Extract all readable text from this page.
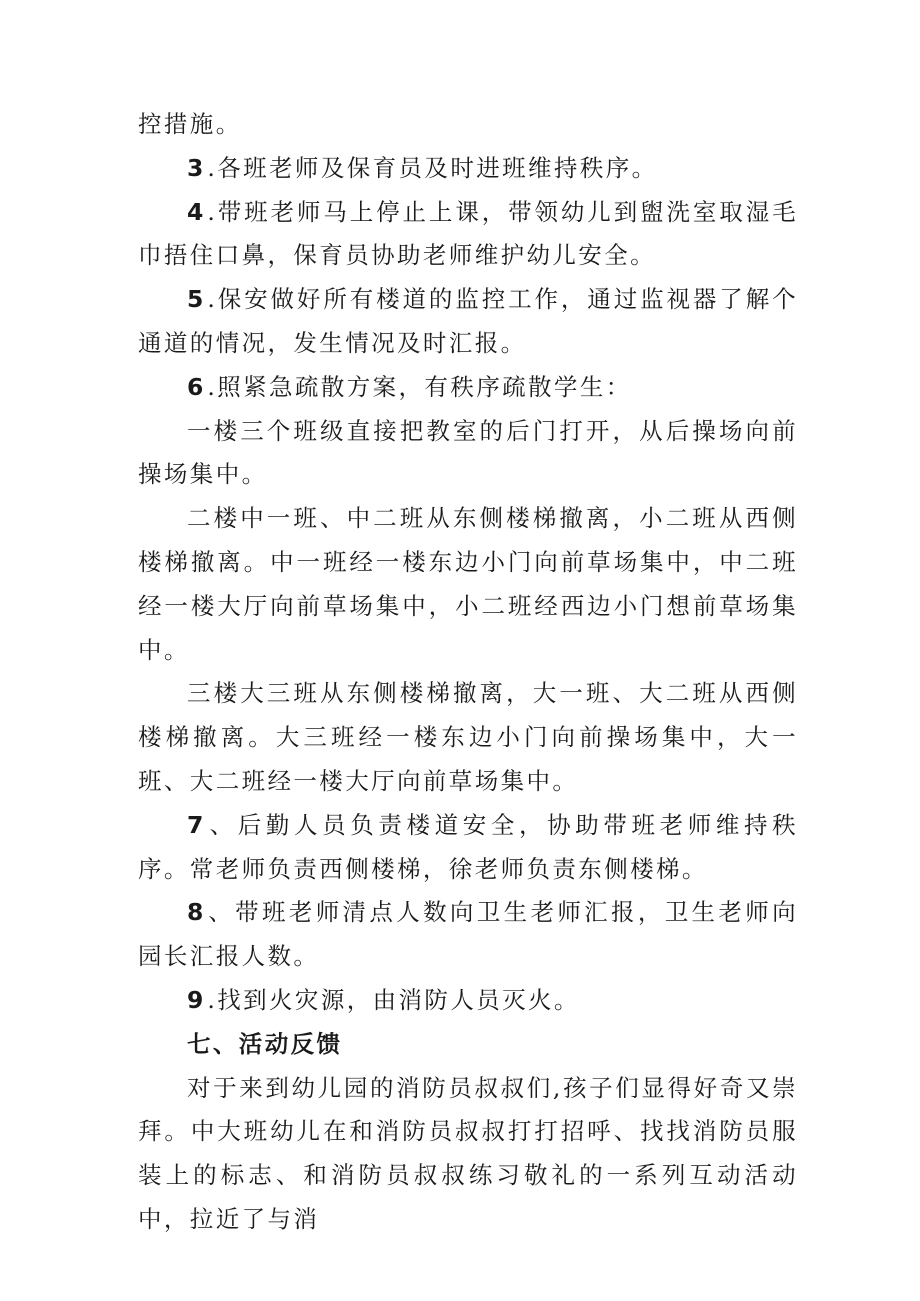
控措施。

3 .各班老师及保育员及时进班维持秩序。

4 .带班老师马上停止上课，带领幼儿到盥洗室取湿毛巾捂住口鼻，保育员协助老师维护幼儿安全。

5 .保安做好所有楼道的监控工作，通过监视器了解个通道的情况，发生情况及时汇报。

6 .照紧急疏散方案，有秩序疏散学生：

一楼三个班级直接把教室的后门打开，从后操场向前操场集中。

二楼中一班、中二班从东侧楼梯撤离，小二班从西侧楼梯撤离。中一班经一楼东边小门向前草场集中，中二班经一楼大厅向前草场集中，小二班经西边小门想前草场集中。

三楼大三班从东侧楼梯撤离，大一班、大二班从西侧楼梯撤离。大三班经一楼东边小门向前操场集中，大一班、大二班经一楼大厅向前草场集中。

7 、后勤人员负责楼道安全，协助带班老师维持秩序。常老师负责西侧楼梯，徐老师负责东侧楼梯。

8 、带班老师清点人数向卫生老师汇报，卫生老师向园长汇报人数。

9 .找到火灾源，由消防人员灭火。

七、活动反馈

对于来到幼儿园的消防员叔叔们,孩子们显得好奇又崇拜。中大班幼儿在和消防员叔叔打打招呼、找找消防员服装上的标志、和消防员叔叔练习敬礼的一系列互动活动中，拉近了与消
